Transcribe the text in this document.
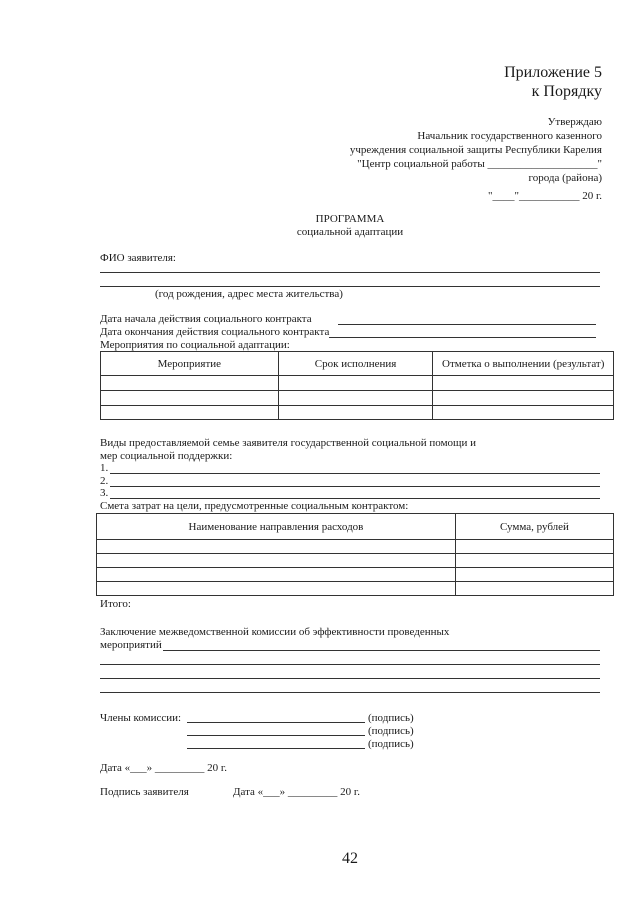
Приложение 5
к Порядку
Утверждаю
Начальник государственного казенного
учреждения социальной защиты Республики Карелия
"Центр социальной работы ____________________"
города (района)
"____"___________ 20 г.
ПРОГРАММА
социальной адаптации
ФИО заявителя:
(год рождения, адрес места жительства)
Дата начала действия социального контракта
Дата окончания действия социального контракта
Мероприятия по социальной адаптации:
Мероприятие	Срок исполнения	Отметка о выполнении (результат)

Виды предоставляемой семье заявителя государственной социальной помощи и
мер социальной поддержки:
1.
2.
3.
Смета затрат на цели, предусмотренные социальным контрактом:
Наименование направления расходов	Сумма, рублей

Итого:
Заключение межведомственной комиссии об эффективности проведенных
мероприятий
Члены комиссии:	(подпись)
(подпись)
(подпись)
Дата «___» _________ 20 г.
Подпись заявителя	Дата «___» _________ 20 г.
42
